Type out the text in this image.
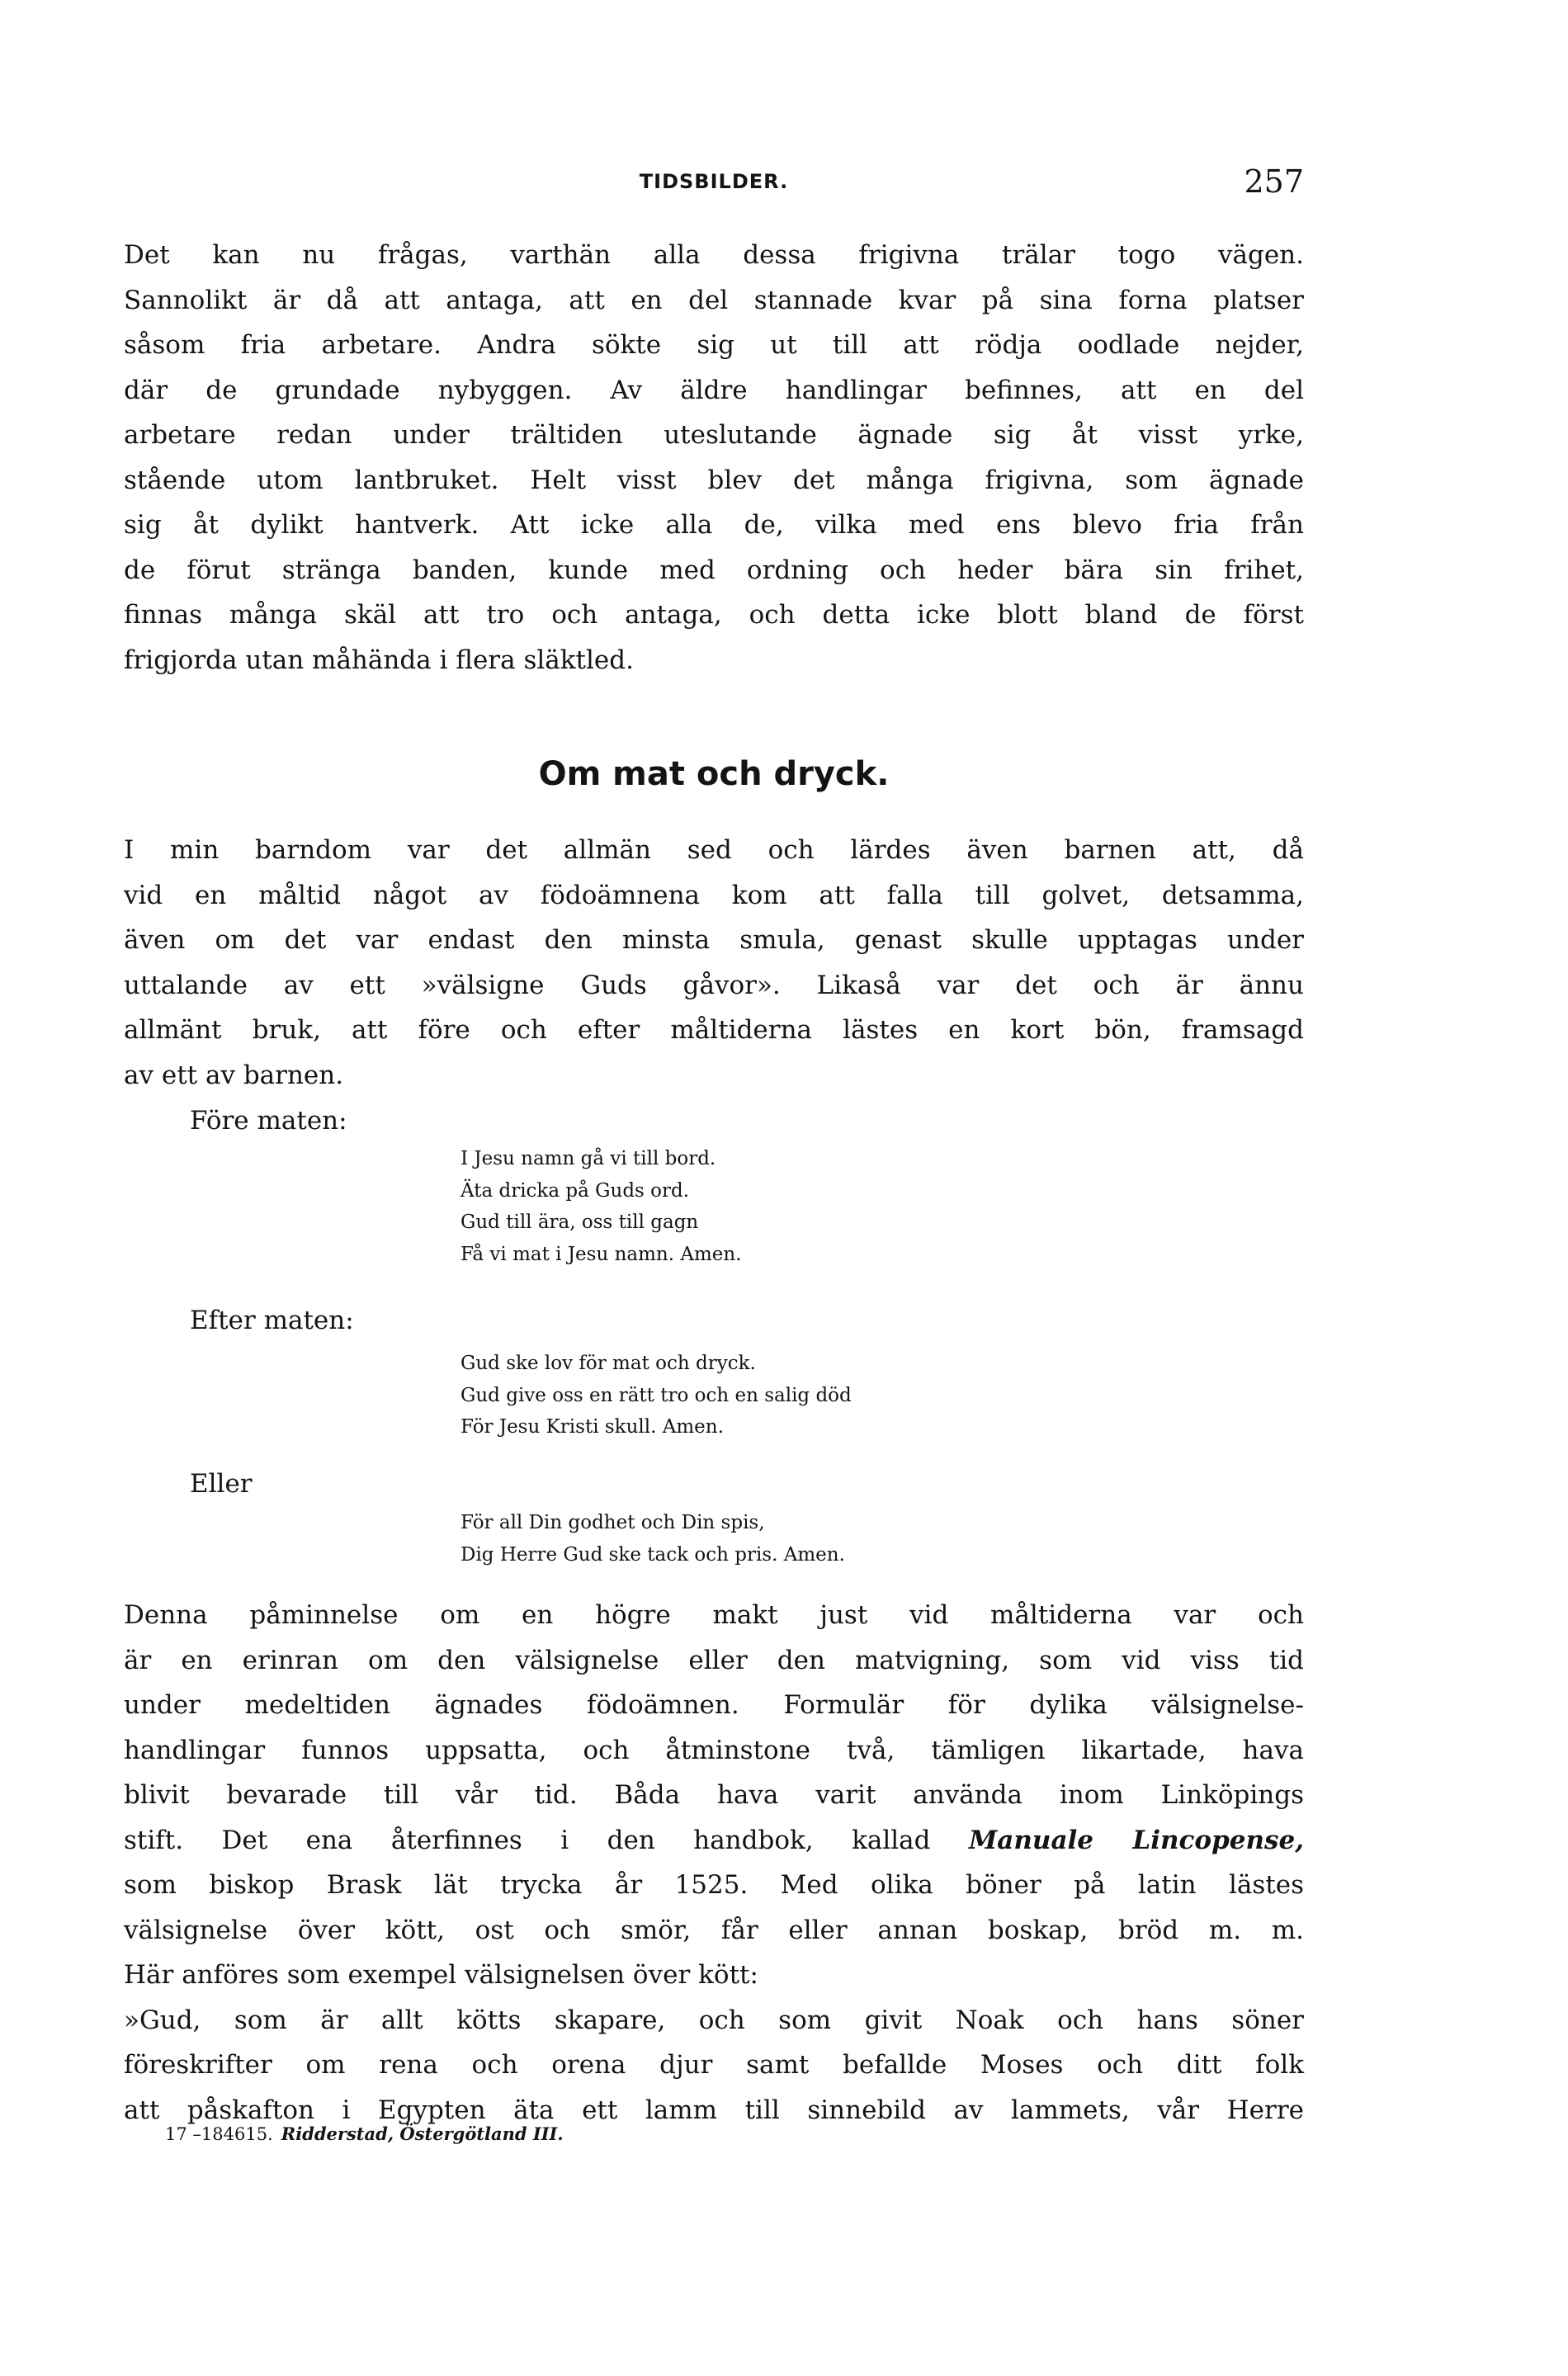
TIDSBILDER.	257
Det kan nu frågas, varthän alla dessa frigivna trälar togo vägen.
Sannolikt är då att antaga, att en del stannade kvar på sina forna platser
såsom fria arbetare. Andra sökte sig ut till att rödja oodlade nejder,
där de grundade nybyggen. Av äldre handlingar befinnes, att en del
arbetare redan under trältiden uteslutande ägnade sig åt visst yrke,
stående utom lantbruket. Helt visst blev det många frigivna, som ägnade
sig åt dylikt hantverk. Att icke alla de, vilka med ens blevo fria från
de förut stränga banden, kunde med ordning och heder bära sin frihet,
finnas många skäl att tro och antaga, och detta icke blott bland de först
frigjorda utan måhända i flera släktled.
Om mat och dryck.
I min barndom var det allmän sed och lärdes även barnen att, då
vid en måltid något av födoämnena kom att falla till golvet, detsamma,
även om det var endast den minsta smula, genast skulle upptagas under
uttalande av ett »välsigne Guds gåvor». Likaså var det och är ännu
allmänt bruk, att före och efter måltiderna lästes en kort bön, framsagd
av ett av barnen.
Före maten:
I Jesu namn gå vi till bord.
Äta dricka på Guds ord.
Gud till ära, oss till gagn
Få vi mat i Jesu namn. Amen.
Efter maten:
Gud ske lov för mat och dryck.
Gud give oss en rätt tro och en salig död
För Jesu Kristi skull. Amen.
Eller
För all Din godhet och Din spis,
Dig Herre Gud ske tack och pris. Amen.
Denna påminnelse om en högre makt just vid måltiderna var och
är en erinran om den välsignelse eller den matvigning, som vid viss tid
under medeltiden ägnades födoämnen. Formulär för dylika välsignelse-
handlingar funnos uppsatta, och åtminstone två, tämligen likartade, hava
blivit bevarade till vår tid. Båda hava varit använda inom Linköpings
stift. Det ena återfinnes i den handbok, kallad Manuale Lincopense,
som biskop Brask lät trycka år 1525. Med olika böner på latin lästes
välsignelse över kött, ost och smör, får eller annan boskap, bröd m. m.
Här anföres som exempel välsignelsen över kött:
»Gud, som är allt kötts skapare, och som givit Noak och hans söner
föreskrifter om rena och orena djur samt befallde Moses och ditt folk
att påskafton i Egypten äta ett lamm till sinnebild av lammets, vår Herre
17 –184615. Ridderstad, Östergötland III.
